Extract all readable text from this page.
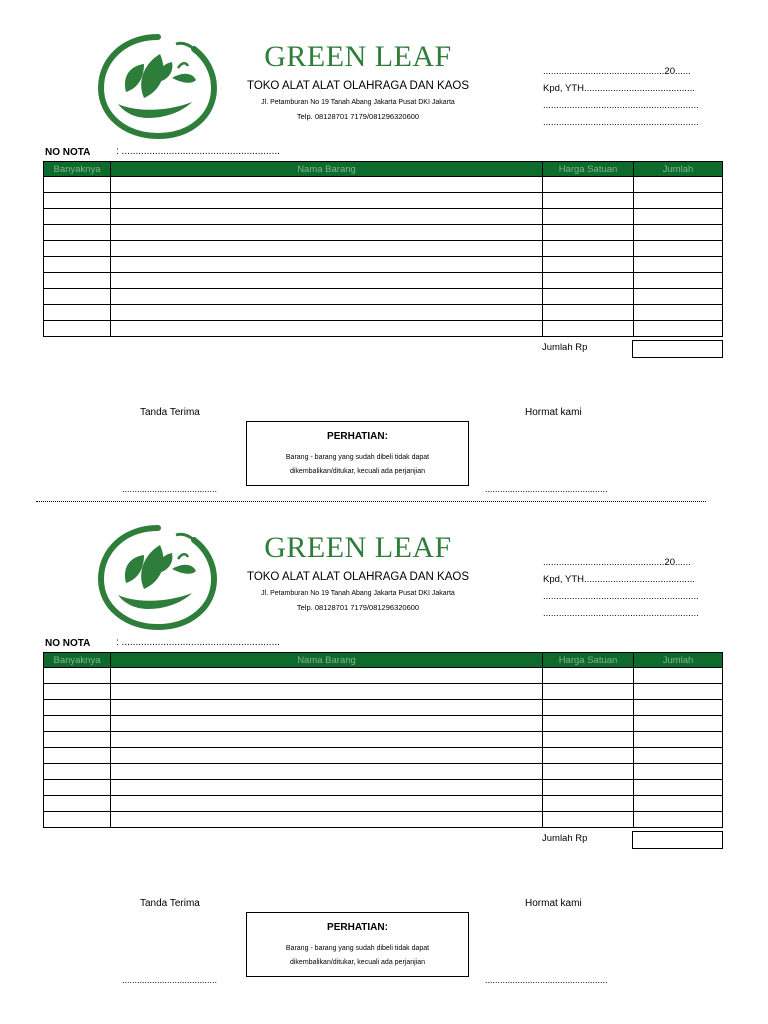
GREEN LEAF
TOKO ALAT ALAT OLAHRAGA DAN KAOS
Jl. Petamburan No 19 Tanah Abang Jakarta Pusat DKI Jakarta
Telp. 08128701 7179/081296320600
..............................................20......
Kpd, YTH..........................................
...........................................................
...........................................................
NO NOTA	: .........................................................
Banyaknya	Nama Barang	Harga Satuan	Jumlah

Jumlah Rp
Tanda Terima	Hormat kami
PERHATIAN:
Barang - barang yang sudah dibeli tidak dapat
dikembalikan/ditukar, kecuali ada perjanjian
......................................	.................................................
GREEN LEAF
TOKO ALAT ALAT OLAHRAGA DAN KAOS
Jl. Petamburan No 19 Tanah Abang Jakarta Pusat DKI Jakarta
Telp. 08128701 7179/081296320600
..............................................20......
Kpd, YTH..........................................
...........................................................
...........................................................
NO NOTA	: .........................................................
Banyaknya	Nama Barang	Harga Satuan	Jumlah

Jumlah Rp
Tanda Terima	Hormat kami
PERHATIAN:
Barang - barang yang sudah dibeli tidak dapat
dikembalikan/ditukar, kecuali ada perjanjian
......................................	.................................................
